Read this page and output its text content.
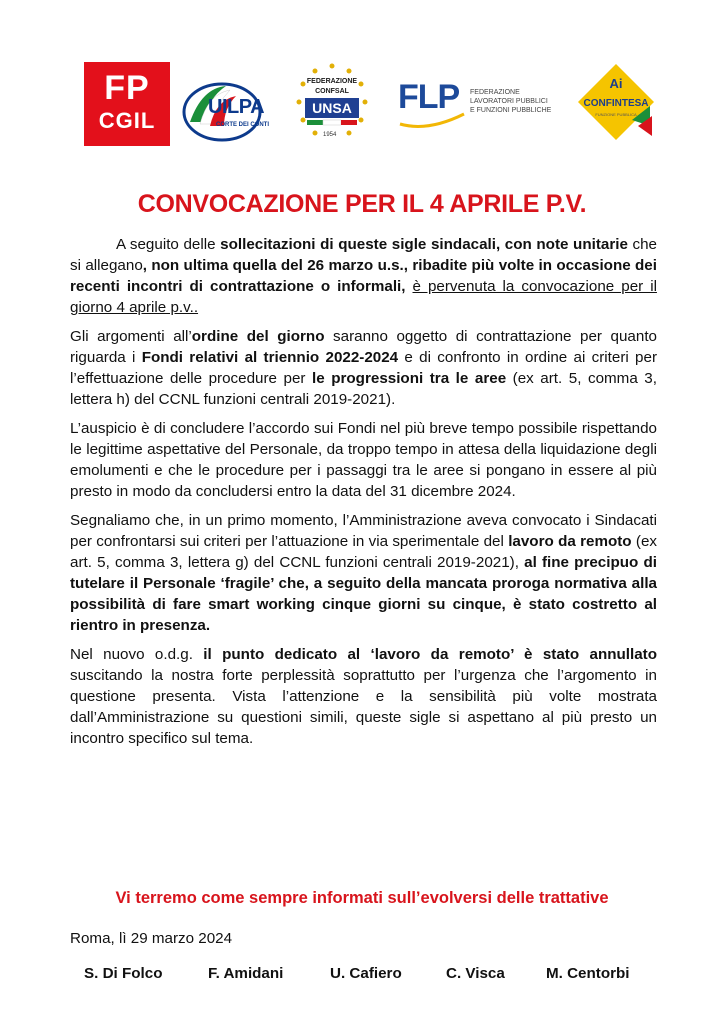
FP
CGIL
UILPA
CORTE DEI CONTI
FEDERAZIONE
CONFSAL
UNSA
1954
FLP FEDERAZIONE
LAVORATORI PUBBLICI
E FUNZIONI PUBBLICHE
Ai
CONFINTESA
FUNZIONE PUBBLICA
CONVOCAZIONE PER IL 4 APRILE P.V.

A seguito delle sollecitazioni di queste sigle sindacali, con note unitarie che si allegano, non ultima quella del 26 marzo u.s., ribadite più volte in occasione dei recenti incontri di contrattazione o informali, è pervenuta la convocazione per il giorno 4 aprile p.v..

Gli argomenti all’ordine del giorno saranno oggetto di contrattazione per quanto riguarda i Fondi relativi al triennio 2022-2024 e di confronto in ordine ai criteri per l’effettuazione delle procedure per le progressioni tra le aree (ex art. 5, comma 3, lettera h) del CCNL funzioni centrali 2019-2021).

L’auspicio è di concludere l’accordo sui Fondi nel più breve tempo possibile rispettando le legittime aspettative del Personale, da troppo tempo in attesa della liquidazione degli emolumenti e che le procedure per i passaggi tra le aree si pongano in essere al più presto in modo da concludersi entro la data del 31 dicembre 2024.

Segnaliamo che, in un primo momento, l’Amministrazione aveva convocato i Sindacati per confrontarsi sui criteri per l’attuazione in via sperimentale del lavoro da remoto (ex art. 5, comma 3, lettera g) del CCNL funzioni centrali 2019-2021), al fine precipuo di tutelare il Personale ‘fragile’ che, a seguito della mancata proroga normativa alla possibilità di fare smart working cinque giorni su cinque, è stato costretto al rientro in presenza.

Nel nuovo o.d.g. il punto dedicato al ‘lavoro da remoto’ è stato annullato suscitando la nostra forte perplessità soprattutto per l’urgenza che l’argomento in questione presenta. Vista l’attenzione e la sensibilità più volte mostrata dall’Amministrazione su questioni simili, queste sigle si aspettano al più presto un incontro specifico sul tema.

Vi terremo come sempre informati sull’evolversi delle trattative
Roma, lì 29 marzo 2024
S. Di Folco	F. Amidani	U. Cafiero	C. Visca	M. Centorbi
